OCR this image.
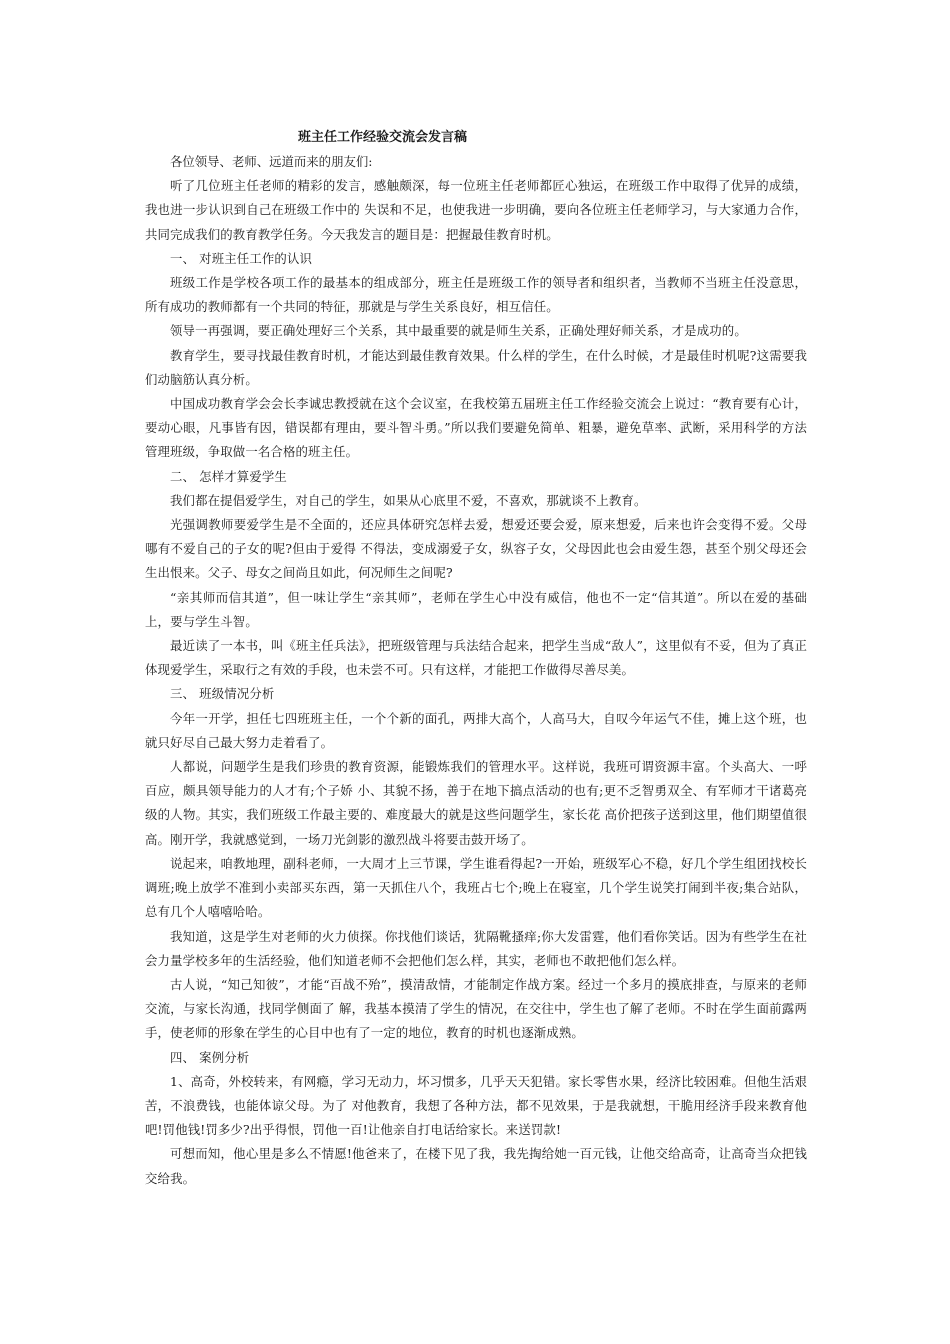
班主任工作经验交流会发言稿

各位领导、老师、远道而来的朋友们:

听了几位班主任老师的精彩的发言，感触颇深，每一位班主任老师都匠心独运，在班级工作中取得了优异的成绩，我也进一步认识到自己在班级工作中的 失误和不足，也使我进一步明确，要向各位班主任老师学习，与大家通力合作，共同完成我们的教育教学任务。今天我发言的题目是：把握最佳教育时机。

一、 对班主任工作的认识

班级工作是学校各项工作的最基本的组成部分，班主任是班级工作的领导者和组织者，当教师不当班主任没意思，所有成功的教师都有一个共同的特征，那就是与学生关系良好，相互信任。

领导一再强调，要正确处理好三个关系，其中最重要的就是师生关系，正确处理好师关系，才是成功的。

教育学生，要寻找最佳教育时机，才能达到最佳教育效果。什么样的学生，在什么时候，才是最佳时机呢?这需要我们动脑筋认真分析。

中国成功教育学会会长李诚忠教授就在这个会议室，在我校第五届班主任工作经验交流会上说过：“教育要有心计，要动心眼，凡事皆有因，错误都有理由，要斗智斗勇。”所以我们要避免简单、粗暴，避免草率、武断，采用科学的方法管理班级，争取做一名合格的班主任。

二、 怎样才算爱学生

我们都在提倡爱学生，对自己的学生，如果从心底里不爱，不喜欢，那就谈不上教育。

光强调教师要爱学生是不全面的，还应具体研究怎样去爱，想爱还要会爱，原来想爱，后来也许会变得不爱。父母哪有不爱自己的子女的呢?但由于爱得 不得法，变成溺爱子女，纵容子女，父母因此也会由爱生怨，甚至个别父母还会生出恨来。父子、母女之间尚且如此，何况师生之间呢?

“亲其师而信其道”，但一味让学生“亲其师”，老师在学生心中没有威信，他也不一定“信其道”。所以在爱的基础上，要与学生斗智。

最近读了一本书，叫《班主任兵法》，把班级管理与兵法结合起来，把学生当成“敌人”，这里似有不妥，但为了真正体现爱学生，采取行之有效的手段，也未尝不可。只有这样，才能把工作做得尽善尽美。

三、 班级情况分析

今年一开学，担任七四班班主任，一个个新的面孔，两排大高个，人高马大，自叹今年运气不佳，摊上这个班，也就只好尽自己最大努力走着看了。

人都说，问题学生是我们珍贵的教育资源，能锻炼我们的管理水平。这样说，我班可谓资源丰富。个头高大、一呼百应，颇具领导能力的人才有;个子娇 小、其貌不扬，善于在地下搞点活动的也有;更不乏智勇双全、有军师才干诸葛亮级的人物。其实，我们班级工作最主要的、难度最大的就是这些问题学生，家长花 高价把孩子送到这里，他们期望值很高。刚开学，我就感觉到，一场刀光剑影的激烈战斗将要击鼓开场了。

说起来，咱教地理，副科老师，一大周才上三节课，学生谁看得起?一开始，班级军心不稳，好几个学生组团找校长调班;晚上放学不准到小卖部买东西，第一天抓住八个，我班占七个;晚上在寝室，几个学生说笑打闹到半夜;集合站队，总有几个人嘻嘻哈哈。

我知道，这是学生对老师的火力侦探。你找他们谈话，犹隔靴搔痒;你大发雷霆，他们看你笑话。因为有些学生在社会力量学校多年的生活经验，他们知道老师不会把他们怎么样，其实，老师也不敢把他们怎么样。

古人说，“知己知彼”，才能“百战不殆”，摸清敌情，才能制定作战方案。经过一个多月的摸底排查，与原来的老师交流，与家长沟通，找同学侧面了 解，我基本摸清了学生的情况，在交往中，学生也了解了老师。不时在学生面前露两手，使老师的形象在学生的心目中也有了一定的地位，教育的时机也逐渐成熟。

四、 案例分析

1、高奇，外校转来，有网瘾，学习无动力，坏习惯多，几乎天天犯错。家长零售水果，经济比较困难。但他生活艰苦，不浪费钱，也能体谅父母。为了 对他教育，我想了各种方法，都不见效果，于是我就想，干脆用经济手段来教育他吧!罚他钱!罚多少?出乎得恨，罚他一百!让他亲自打电话给家长。来送罚款!

可想而知，他心里是多么不情愿!他爸来了，在楼下见了我，我先掏给她一百元钱，让他交给高奇，让高奇当众把钱交给我。
